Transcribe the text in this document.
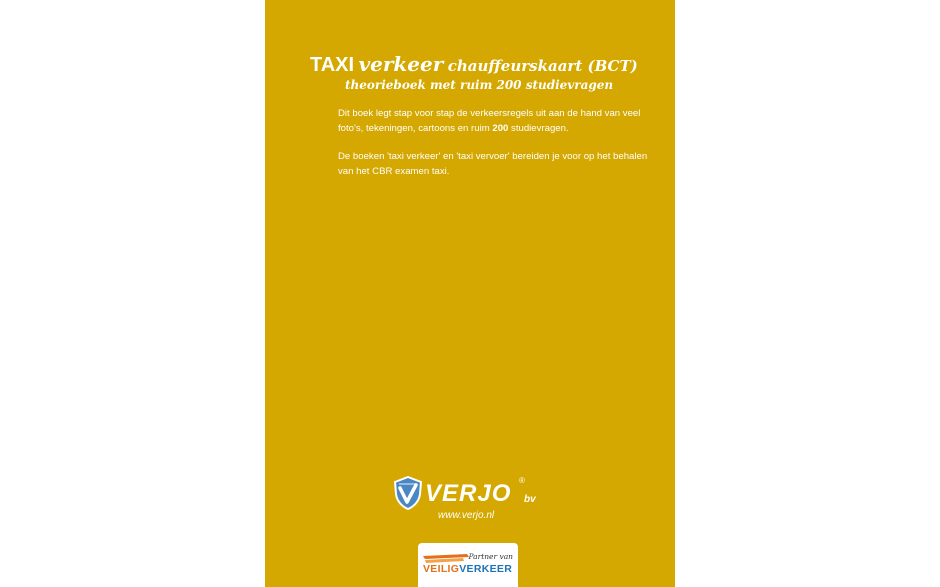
TAXI verkeer chauffeurskaart (BCT)
theorieboek met ruim 200 studievragen
Dit boek legt stap voor stap de verkeersregels uit aan de hand van veel foto's, tekeningen, cartoons en ruim 200 studievragen.
De boeken 'taxi verkeer' en 'taxi vervoer' bereiden je voor op het behalen van het CBR examen taxi.
VERJO ®
bv
www.verjo.nl
Partner van
VEILIGVERKEER
